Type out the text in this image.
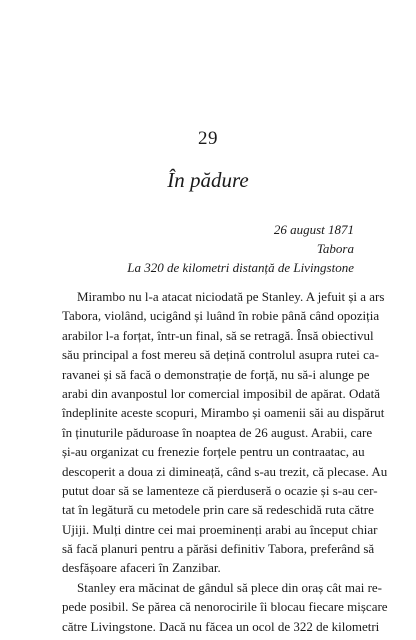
29
În pădure
26 august 1871
Tabora
La 320 de kilometri distanță de Livingstone
Mirambo nu l-a atacat niciodată pe Stanley. A jefuit și a ars
Tabora, violând, ucigând și luând în robie până când opoziția
arabilor l-a forțat, într-un final, să se retragă. Însă obiectivul
său principal a fost mereu să dețină controlul asupra rutei ca-
ravanei și să facă o demonstrație de forță, nu să-i alunge pe
arabi din avanpostul lor comercial imposibil de apărat. Odată
îndeplinite aceste scopuri, Mirambo și oamenii săi au dispărut
în ținuturile păduroase în noaptea de 26 august. Arabii, care
și-au organizat cu frenezie forțele pentru un contraatac, au
descoperit a doua zi dimineață, când s-au trezit, că plecase. Au
putut doar să se lamenteze că pierduseră o ocazie și s-au cer-
tat în legătură cu metodele prin care să redeschidă ruta către
Ujiji. Mulți dintre cei mai proeminenți arabi au început chiar
să facă planuri pentru a părăsi definitiv Tabora, preferând să
desfășoare afaceri în Zanzibar.
Stanley era măcinat de gândul să plece din oraș cât mai re-
pede posibil. Se părea că nenorocirile îi blocau fiecare mișcare
către Livingstone. Dacă nu făcea un ocol de 322 de kilometri
